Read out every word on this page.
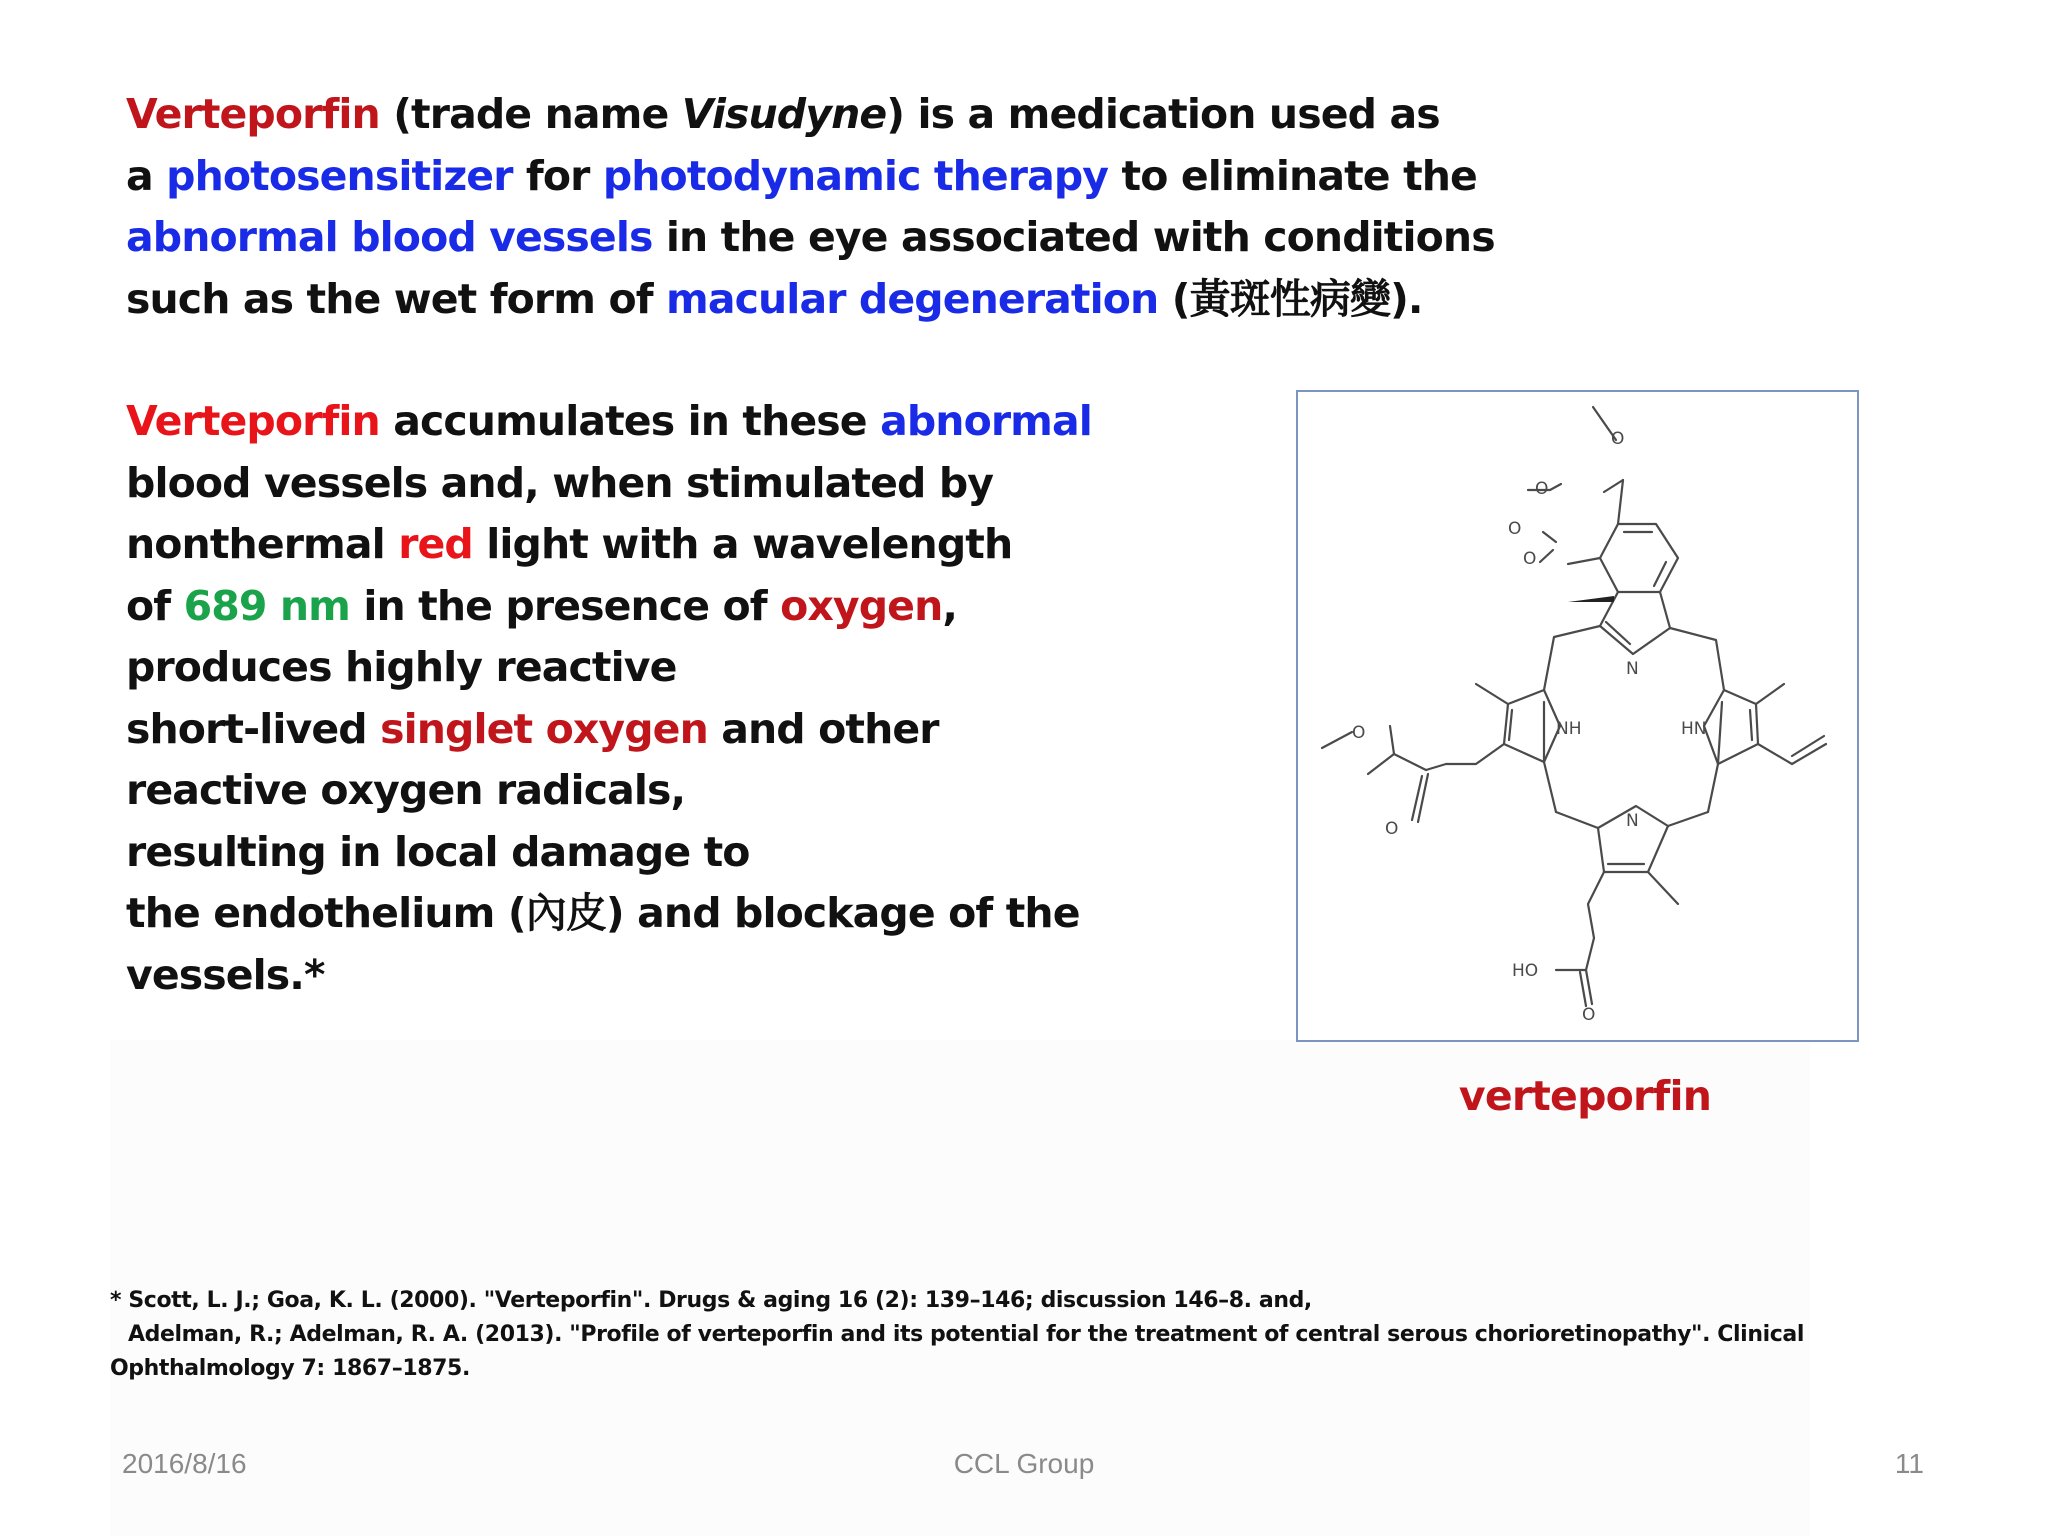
Verteporfin (trade name Visudyne) is a medication used as
a photosensitizer for photodynamic therapy to eliminate the
abnormal blood vessels in the eye associated with conditions
such as the wet form of macular degeneration (黃斑性病變).
Verteporfin accumulates in these abnormal
blood vessels and, when stimulated by
nonthermal red light with a wavelength
of 689 nm in the presence of oxygen,
produces highly reactive
short-lived singlet oxygen and other
reactive oxygen radicals,
resulting in local damage to
the endothelium (內皮) and blockage of the
vessels.*
O
O
O
O
O
O
O
N
N
NH	HN
HO
verteporfin
* Scott, L. J.; Goa, K. L. (2000). "Verteporfin". Drugs & aging 16 (2): 139–146; discussion 146–8. and,
Adelman, R.; Adelman, R. A. (2013). "Profile of verteporfin and its potential for the treatment of central serous chorioretinopathy". Clinical
Ophthalmology 7: 1867–1875.
2016/8/16	CCL Group	11
